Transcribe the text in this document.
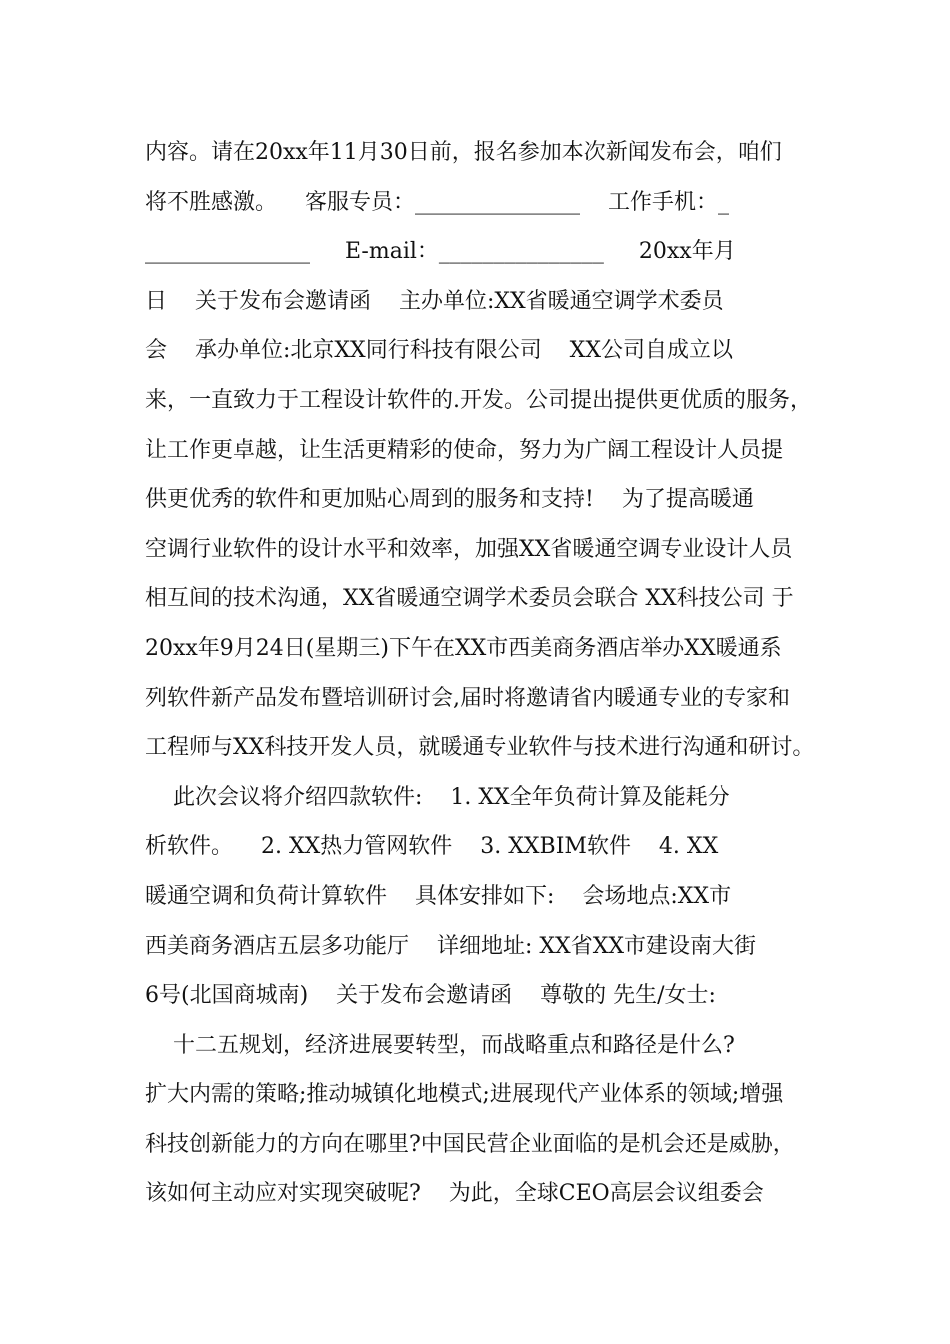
内容。请在20xx年11月30日前，报名参加本次新闻发布会，咱们
将不胜感激。    客服专员：_______________    工作手机：_
_______________     E-mail：_______________     20xx年月
日    关于发布会邀请函    主办单位:XX省暖通空调学术委员
会    承办单位:北京XX同行科技有限公司    XX公司自成立以
来，一直致力于工程设计软件的.开发。公司提出提供更优质的服务，
让工作更卓越，让生活更精彩的使命，努力为广阔工程设计人员提
供更优秀的软件和更加贴心周到的服务和支持!    为了提高暖通
空调行业软件的设计水平和效率，加强XX省暖通空调专业设计人员
相互间的技术沟通，XX省暖通空调学术委员会联合 XX科技公司 于
20xx年9月24日(星期三)下午在XX市西美商务酒店举办XX暖通系
列软件新产品发布暨培训研讨会,届时将邀请省内暖通专业的专家和
工程师与XX科技开发人员，就暖通专业软件与技术进行沟通和研讨。
此次会议将介绍四款软件:    1. XX全年负荷计算及能耗分
析软件。    2. XX热力管网软件    3. XXBIM软件    4. XX
暖通空调和负荷计算软件    具体安排如下:    会场地点:XX市
西美商务酒店五层多功能厅    详细地址: XX省XX市建设南大街
6号(北国商城南)    关于发布会邀请函    尊敬的 先生/女士:
十二五规划，经济进展要转型，而战略重点和路径是什么?
扩大内需的策略;推动城镇化地模式;进展现代产业体系的领域;增强
科技创新能力的方向在哪里?中国民营企业面临的是机会还是威胁，
该如何主动应对实现突破呢?    为此，全球CEO高层会议组委会
